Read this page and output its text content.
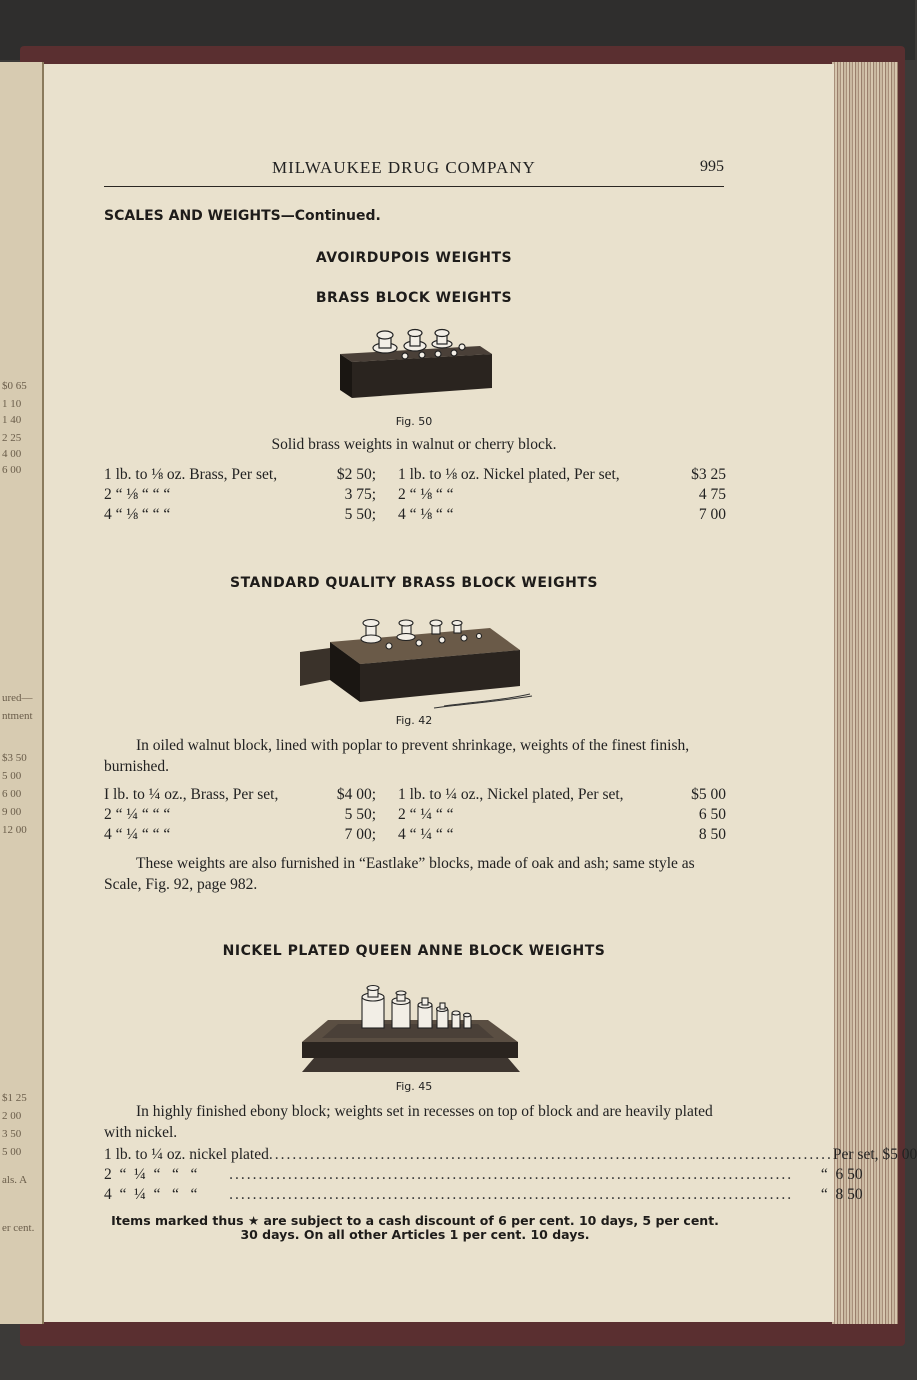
$0 65
1 10
1 40
2 25
4 00
6 00
ured—
ntment
$3 50
5 00
6 00
9 00
12 00
$1 25
2 00
3 50
5 00
als. A
er cent.
MILWAUKEE DRUG COMPANY	995
SCALES AND WEIGHTS—Continued.
AVOIRDUPOIS WEIGHTS
BRASS BLOCK WEIGHTS
Fig. 50
Solid brass weights in walnut or cherry block.
1 lb. to ⅛ oz. Brass, Per set,	$2 50; 1 lb. to ⅛ oz. Nickel plated, Per set,	$3 25
2 “ ⅛ “ “ “	3 75; 2 “ ⅛ “ “	4 75
4 “ ⅛ “ “ “	5 50; 4 “ ⅛ “ “	7 00
STANDARD QUALITY BRASS BLOCK WEIGHTS
Fig. 42
In oiled walnut block, lined with poplar to prevent shrinkage, weights of the finest finish, burnished.
I lb. to ¼ oz., Brass, Per set,	$4 00; 1 lb. to ¼ oz., Nickel plated, Per set,	$5 00
2 “ ¼ “ “ “	5 50; 2 “ ¼ “ “	6 50
4 “ ¼ “ “ “	7 00; 4 “ ¼ “ “	8 50
These weights are also furnished in “Eastlake” blocks, made of oak and ash; same style as Scale, Fig. 92, page 982.
NICKEL PLATED QUEEN ANNE BLOCK WEIGHTS
Fig. 45
In highly finished ebony block; weights set in recesses on top of block and are heavily plated with nickel.
1 lb. to ¼ oz. nickel plated ................................................................................................ Per set, $5 00
2  “  ¼  “   “   “ ................................................................................................ “  6 50
4  “  ¼  “   “   “ ................................................................................................ “  8 50
Items marked thus ★ are subject to a cash discount of 6 per cent. 10 days, 5 per cent.
30 days. On all other Articles 1 per cent. 10 days.
